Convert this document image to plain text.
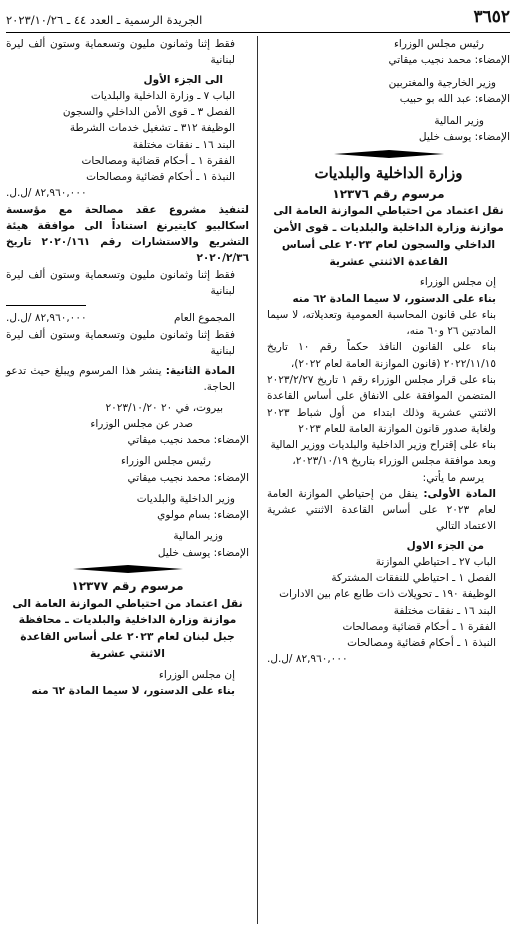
٣٦٥٢
الجريدة الرسمية ـ العدد ٤٤ ـ ٢٠٢٣/١٠/٢٦

رئيس مجلس الوزراء

الإمضاء: محمد نجيب ميقاتي

وزير الخارجية والمغتربين

الإمضاء: عبد الله بو حبيب

وزير المالية

الإمضاء: يوسف خليل

وزارة الداخلية والبلديات

مرسوم رقم ١٢٣٧٦

نقل اعتماد من احتياطي الموازنة العامة الى موازنة وزارة الداخلية والبلديات ـ قوى الأمن الداخلي والسجون لعام ٢٠٢٣ على أساس القاعدة الاثنتي عشرية

إن مجلس الوزراء

بناء على الدستور، لا سيما المادة ٦٢ منه

بناء على قانون المحاسبة العمومية وتعديلاته، لا سيما المادتين ٢٦ و٦٠ منه،

بناء على القانون النافذ حكماً رقم ١٠ تاريخ ٢٠٢٢/١١/١٥ (قانون الموازنة العامة لعام ٢٠٢٢)،

بناء على قرار مجلس الوزراء رقم ١ تاريخ ٢٠٢٣/٢/٢٧ المتضمن الموافقة على الانفاق على أساس القاعدة الاثنتي عشرية وذلك ابتداء من أول شباط ٢٠٢٣ ولغاية صدور قانون الموازنة العامة للعام ٢٠٢٣

بناء على إقتراح وزير الداخلية والبلديات ووزير المالية

وبعد موافقة مجلس الوزراء بتاريخ ٢٠٢٣/١٠/١٩،

يرسم ما يأتي:

المادة الأولى: ينقل من إحتياطي الموازنة العامة لعام ٢٠٢٣ على أساس القاعدة الاثنتي عشرية الاعتماد التالي

من الجزء الاول

الباب ٢٧ ـ احتياطي الموازنة

الفصل ١ ـ احتياطي للنفقات المشتركة

الوظيفة ١٩٠ ـ تحويلات ذات طابع عام بين الادارات

البند ١٦ ـ نفقات مختلفة

الفقرة ١ ـ أحكام قضائية ومصالحات

النبذة ١ ـ أحكام قضائية ومصالحات

٨٢,٩٦٠,٠٠٠ /ل.ل.

فقط إثنا وثمانون مليون وتسعماية وستون ألف ليرة لبنانية

الى الجزء الأول

الباب ٧ ـ وزارة الداخلية والبلديات

الفصل ٣ ـ قوى الأمن الداخلي والسجون

الوظيفة ٣١٢ ـ تشغيل خدمات الشرطة

البند ١٦ ـ نفقات مختلفة

الفقرة ١ ـ أحكام قضائية ومصالحات

النبذة ١ ـ أحكام قضائية ومصالحات

٨٢,٩٦٠,٠٠٠ /ل.ل.

لتنفيذ مشروع عقد مصالحة مع مؤسسة اسكالبيو كايتيرنغ استناداً الى موافقة هيئة التشريع والاستشارات رقم ٢٠٢٠/١٦١ تاريخ ٢٠٢٠/٢/٣٦

فقط إثنا وثمانون مليون وتسعماية وستون ألف ليرة لبنانية

المجموع العام
٨٢,٩٦٠,٠٠٠ /ل.ل.

فقط إثنا وثمانون مليون وتسعماية وستون ألف ليرة لبنانية

المادة الثانية: ينشر هذا المرسوم ويبلغ حيث تدعو الحاجة.

بيروت، في ٢٠ ٢٠٢٣/١٠/٢٠

صدر عن مجلس الوزراء

الإمضاء: محمد نجيب ميقاتي

رئيس مجلس الوزراء

الإمضاء: محمد نجيب ميقاتي

وزير الداخلية والبلديات

الإمضاء: بسام مولوي

وزير المالية

الإمضاء: يوسف خليل

مرسوم رقم ١٢٣٧٧

نقل اعتماد من احتياطي الموازنة العامة الى موازنة وزارة الداخلية والبلديات ـ محافظة جبل لبنان لعام ٢٠٢٣ على أساس القاعدة الاثنتي عشرية

إن مجلس الوزراء

بناء على الدستور، لا سيما المادة ٦٢ منه
